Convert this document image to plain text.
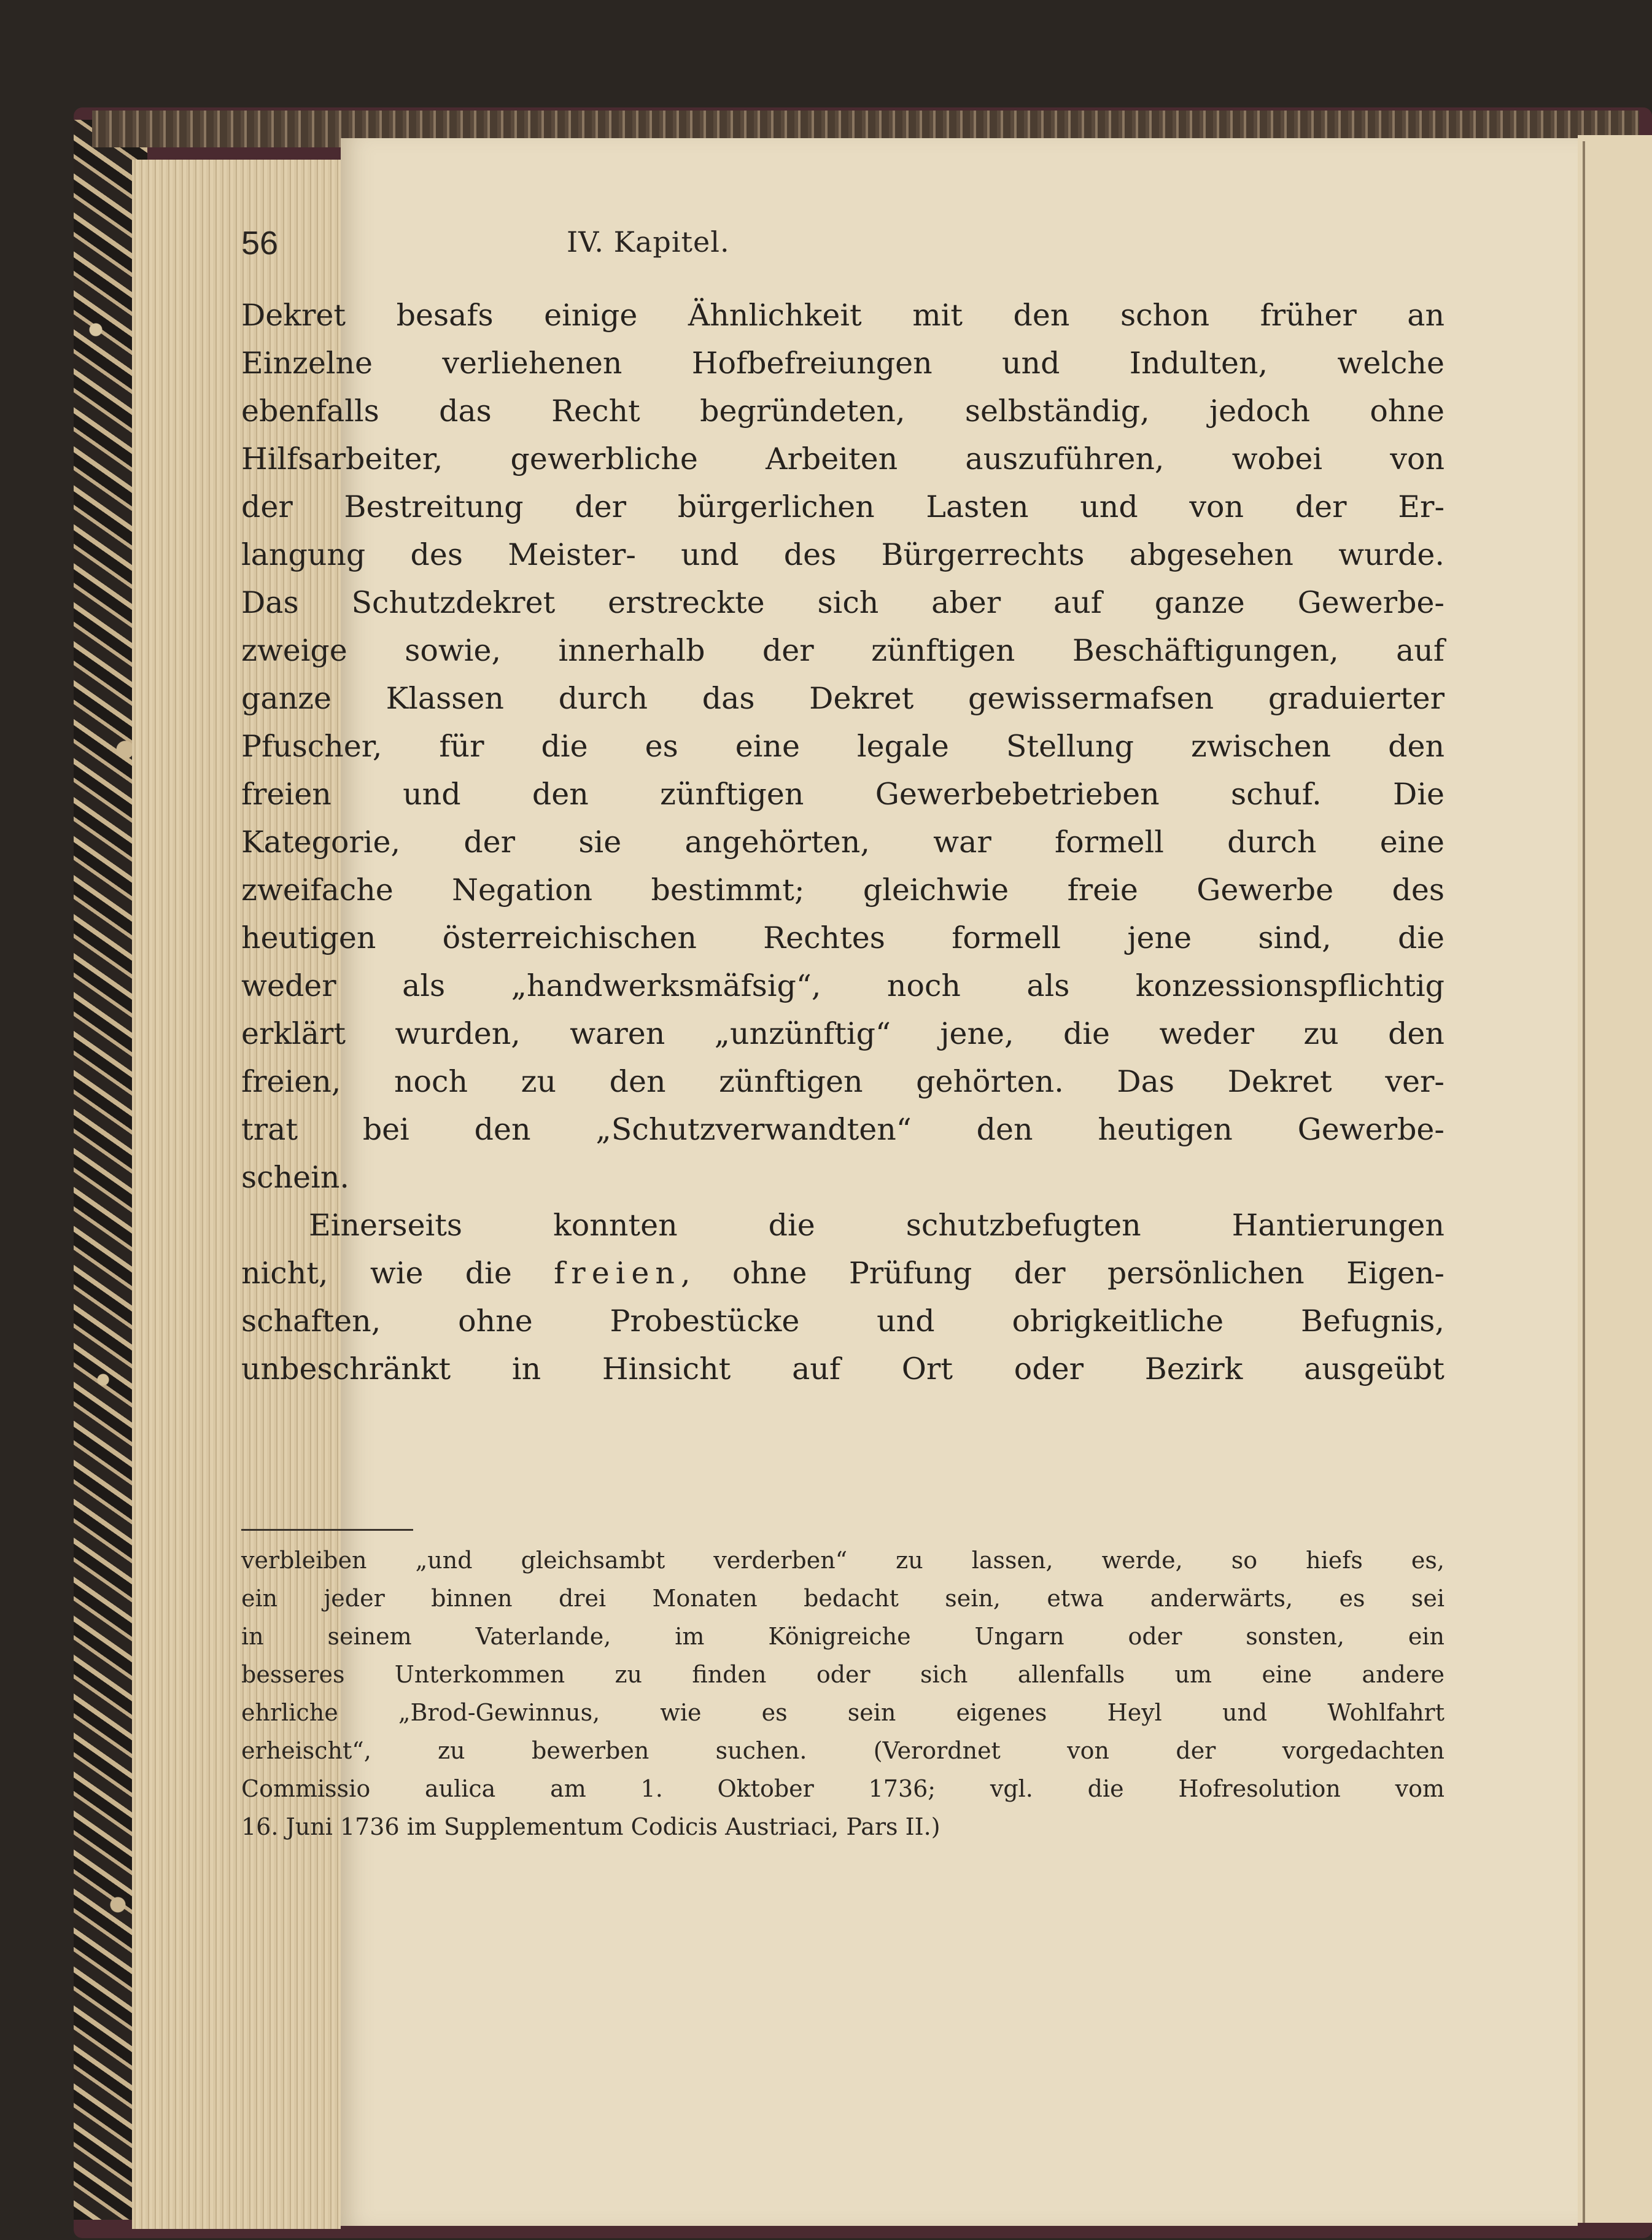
56	IV. Kapitel.
Dekret besafs einige Ähnlichkeit mit den schon früher an
Einzelne verliehenen Hofbefreiungen und Indulten, welche
ebenfalls das Recht begründeten, selbständig, jedoch ohne
Hilfsarbeiter, gewerbliche Arbeiten auszuführen, wobei von
der Bestreitung der bürgerlichen Lasten und von der Er-
langung des Meister- und des Bürgerrechts abgesehen wurde.
Das Schutzdekret erstreckte sich aber auf ganze Gewerbe-
zweige sowie, innerhalb der zünftigen Beschäftigungen, auf
ganze Klassen durch das Dekret gewissermafsen graduierter
Pfuscher, für die es eine legale Stellung zwischen den
freien und den zünftigen Gewerbebetrieben schuf. Die
Kategorie, der sie angehörten, war formell durch eine
zweifache Negation bestimmt; gleichwie freie Gewerbe des
heutigen österreichischen Rechtes formell jene sind, die
weder als „handwerksmäfsig“, noch als konzessionspflichtig
erklärt wurden, waren „unzünftig“ jene, die weder zu den
freien, noch zu den zünftigen gehörten. Das Dekret ver-
trat bei den „Schutzverwandten“ den heutigen Gewerbe-
schein.
Einerseits konnten die schutzbefugten Hantierungen
nicht, wie die freien, ohne Prüfung der persönlichen Eigen-
schaften, ohne Probestücke und obrigkeitliche Befugnis,
unbeschränkt in Hinsicht auf Ort oder Bezirk ausgeübt
verbleiben „und gleichsambt verderben“ zu lassen, werde, so hiefs es,
ein jeder binnen drei Monaten bedacht sein, etwa anderwärts, es sei
in seinem Vaterlande, im Königreiche Ungarn oder sonsten, ein
besseres Unterkommen zu finden oder sich allenfalls um eine andere
ehrliche „Brod-Gewinnus, wie es sein eigenes Heyl und Wohlfahrt
erheischt“, zu bewerben suchen. (Verordnet von der vorgedachten
Commissio aulica am 1. Oktober 1736; vgl. die Hofresolution vom
16. Juni 1736 im Supplementum Codicis Austriaci, Pars II.)
